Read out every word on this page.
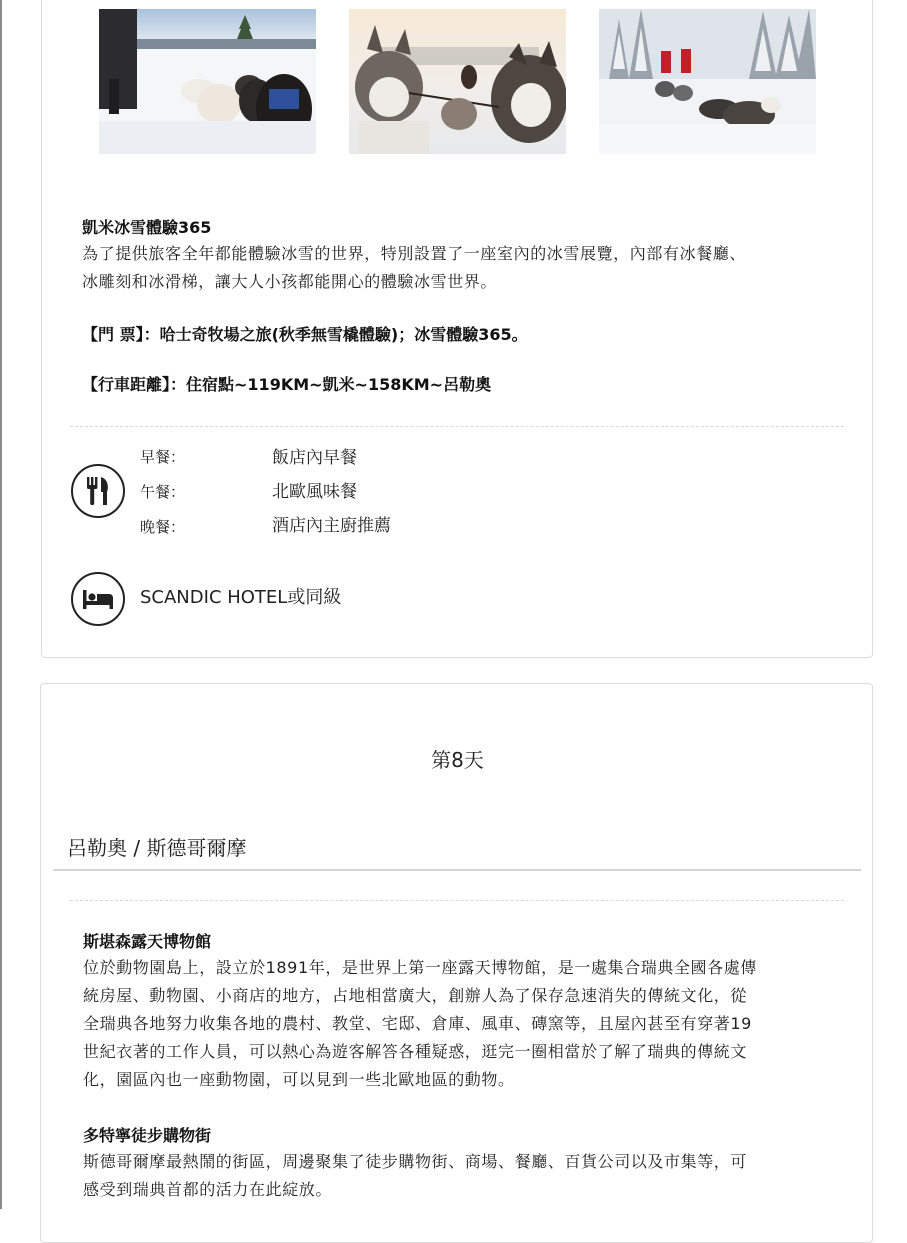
凱米冰雪體驗365
為了提供旅客全年都能體驗冰雪的世界，特別設置了一座室內的冰雪展覽，內部有冰餐廳、
冰雕刻和冰滑梯，讓大人小孩都能開心的體驗冰雪世界。
【門 票】：哈士奇牧場之旅(秋季無雪橇體驗)；冰雪體驗365。
【行車距離】：住宿點~119KM~凱米~158KM~呂勒奧
早餐：	飯店內早餐
午餐：	北歐風味餐
晚餐：	酒店內主廚推薦
SCANDIC HOTEL或同級
第8天
呂勒奧 / 斯德哥爾摩
斯堪森露天博物館
位於動物園島上，設立於1891年，是世界上第一座露天博物館，是一處集合瑞典全國各處傳
統房屋、動物園、小商店的地方，占地相當廣大，創辦人為了保存急速消失的傳統文化，從
全瑞典各地努力收集各地的農村、教堂、宅邸、倉庫、風車、磚窯等，且屋內甚至有穿著19
世紀衣著的工作人員，可以熱心為遊客解答各種疑惑，逛完一圈相當於了解了瑞典的傳統文
化，園區內也一座動物園，可以見到一些北歐地區的動物。
多特寧徒步購物街
斯德哥爾摩最熱鬧的街區，周邊聚集了徒步購物街、商場、餐廳、百貨公司以及市集等，可
感受到瑞典首都的活力在此綻放。
